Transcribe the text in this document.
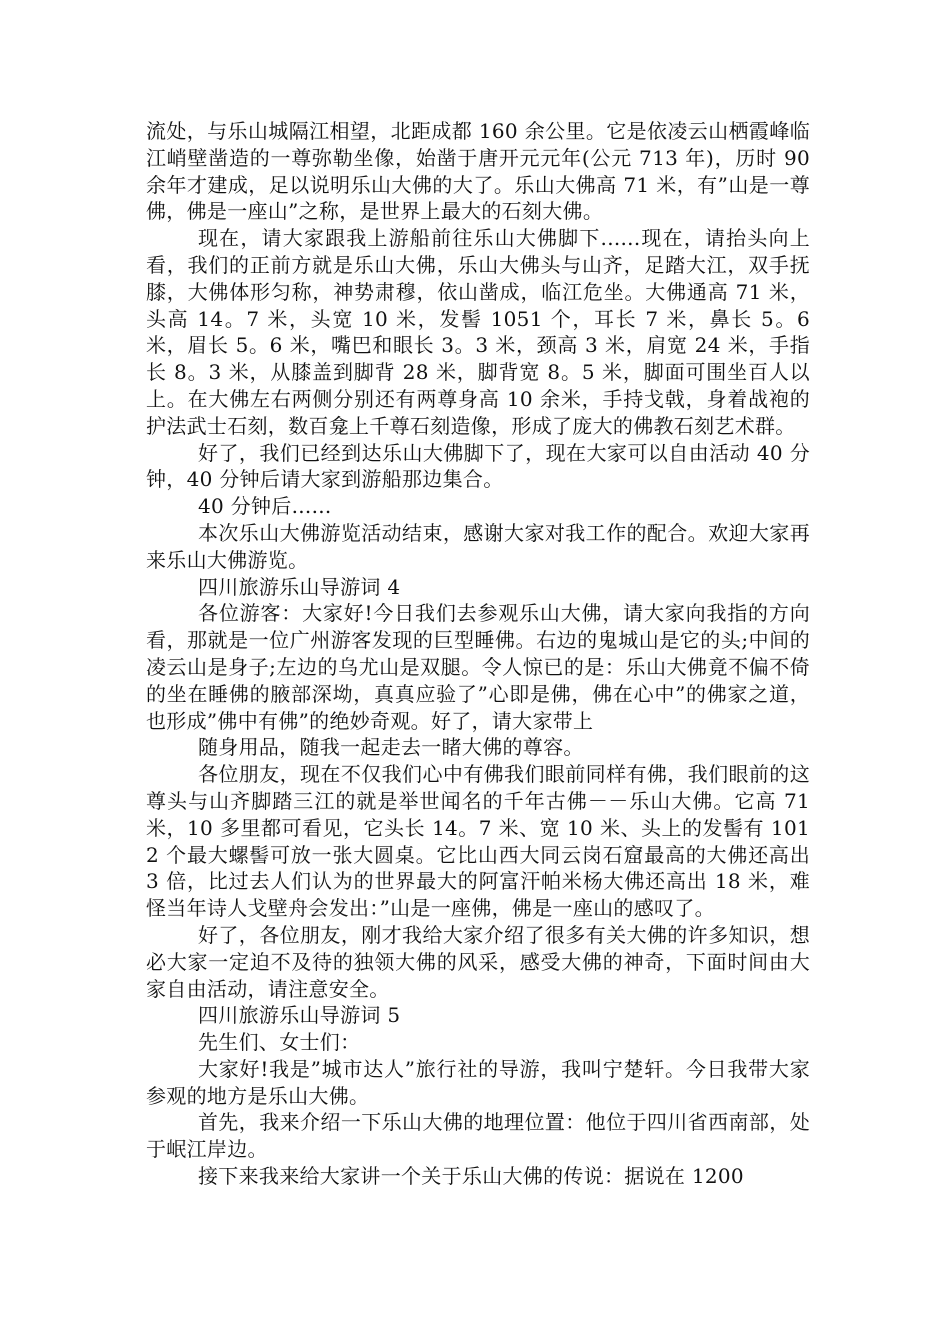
流处，与乐山城隔江相望，北距成都 160 余公里。它是依凌云山栖霞峰临江峭壁凿造的一尊弥勒坐像，始凿于唐开元元年(公元 713 年)，历时 90 余年才建成，足以说明乐山大佛的大了。乐山大佛高 71 米，有”山是一尊佛，佛是一座山”之称，是世界上最大的石刻大佛。

现在，请大家跟我上游船前往乐山大佛脚下......现在，请抬头向上看，我们的正前方就是乐山大佛，乐山大佛头与山齐，足踏大江，双手抚膝，大佛体形匀称，神势肃穆，依山凿成，临江危坐。大佛通高 71 米，头高 14。7 米，头宽 10 米，发髻 1051 个，耳长 7 米，鼻长 5。6 米，眉长 5。6 米，嘴巴和眼长 3。3 米，颈高 3 米，肩宽 24 米，手指长 8。3 米，从膝盖到脚背 28 米，脚背宽 8。5 米，脚面可围坐百人以上。在大佛左右两侧分别还有两尊身高 10 余米，手持戈戟，身着战袍的护法武士石刻，数百龛上千尊石刻造像，形成了庞大的佛教石刻艺术群。

好了，我们已经到达乐山大佛脚下了，现在大家可以自由活动 40 分钟，40 分钟后请大家到游船那边集合。

40 分钟后......

本次乐山大佛游览活动结束，感谢大家对我工作的配合。欢迎大家再来乐山大佛游览。

四川旅游乐山导游词 4

各位游客：大家好!今日我们去参观乐山大佛，请大家向我指的方向看，那就是一位广州游客发现的巨型睡佛。右边的鬼城山是它的头;中间的凌云山是身子;左边的乌尤山是双腿。令人惊已的是：乐山大佛竟不偏不倚的坐在睡佛的腋部深坳，真真应验了”心即是佛，佛在心中”的佛家之道，也形成”佛中有佛”的绝妙奇观。好了，请大家带上

随身用品，随我一起走去一睹大佛的尊容。

各位朋友，现在不仅我们心中有佛我们眼前同样有佛，我们眼前的这尊头与山齐脚踏三江的就是举世闻名的千年古佛－－乐山大佛。它高 71 米，10 多里都可看见，它头长 14。7 米、宽 10 米、头上的发髻有 1012 个最大螺髻可放一张大圆桌。它比山西大同云岗石窟最高的大佛还高出 3 倍，比过去人们认为的世界最大的阿富汗帕米杨大佛还高出 18 米，难怪当年诗人戈壁舟会发出：”山是一座佛，佛是一座山的感叹了。

好了，各位朋友，刚才我给大家介绍了很多有关大佛的许多知识，想必大家一定迫不及待的独领大佛的风采，感受大佛的神奇，下面时间由大家自由活动，请注意安全。

四川旅游乐山导游词 5

先生们、女士们：

大家好!我是”城市达人”旅行社的导游，我叫宁楚轩。今日我带大家参观的地方是乐山大佛。

首先，我来介绍一下乐山大佛的地理位置：他位于四川省西南部，处于岷江岸边。

接下来我来给大家讲一个关于乐山大佛的传说：据说在 1200
